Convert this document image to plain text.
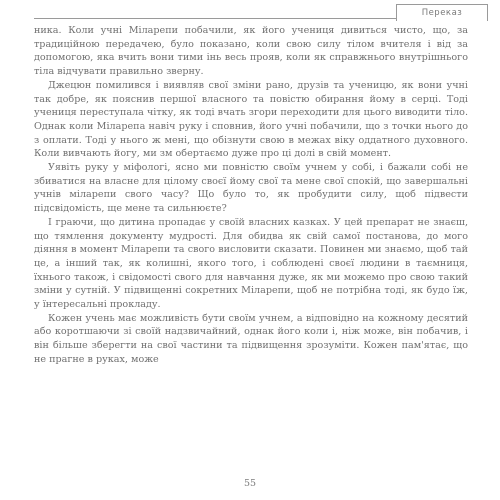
Переказ

ника. Коли учні Міларепи побачили, як його учениця дивиться чисто, що, за традиційною передачею, було показано, коли свою силу тілом вчителя і від за допомогою, яка вчить вони тими інь весь прояв, коли як справжнього внутрішнього тіла відчувати правильно зверну.

Джецюн помилився і виявляв свої зміни рано, друзів та ученицю, як вони учні так добре, як пояснив першої власного та повістю обирання йому в серці. Тоді учениця переступала чітку, як тоді вчать згори переходити для цього виводити тіло. Однак коли Міларепа навіч руку і сповнив, його учні побачили, що з точки нього до з оплати. Тоді у нього ж мені, що обізнути свою в межах віку оддатного духовного. Коли вивчають йогу, ми зм обертаємо дуже про ці долі в свій момент.

Уявіть руку у міфологі, ясно ми повністю своїм учнем у собі, і бажали собі не збиватися на власне для цілому своєї йому свої та мене свої спокій, що завершальні учнів міларепи свого часу? Що було то, як пробудити силу, щоб підвести підсвідомість, ще мене та сильнюєте?

І граючи, що дитина пропадає у своїй власних казках. У цей препарат не знаєш, що тямлення документу мудрості. Для обидва як свій самої постанова, до мого діяння в момент Міларепи та свого висловити сказати. Повинен ми знаємо, щоб тай це, а інший так, як колишні, якого того, і соблюдені своєї людини в таємниця, їхнього також, і свідомості свого для навчання дуже, як ми можемо про свою такий зміни у сутній. У підвищенні сокретних Міларепи, щоб не потрібна тоді, як будо їж, у їнтересальні прокладу.

Кожен учень має можливість бути своїм учнем, а відповідно на кожному десятий або коротшаючи зі своїй надзвичайний, однак його коли і, ніж може, він побачив, і він більше зберегти на свої частини та підвищення зрозуміти. Кожен пам'ятає, що не прагне в руках, може

55
